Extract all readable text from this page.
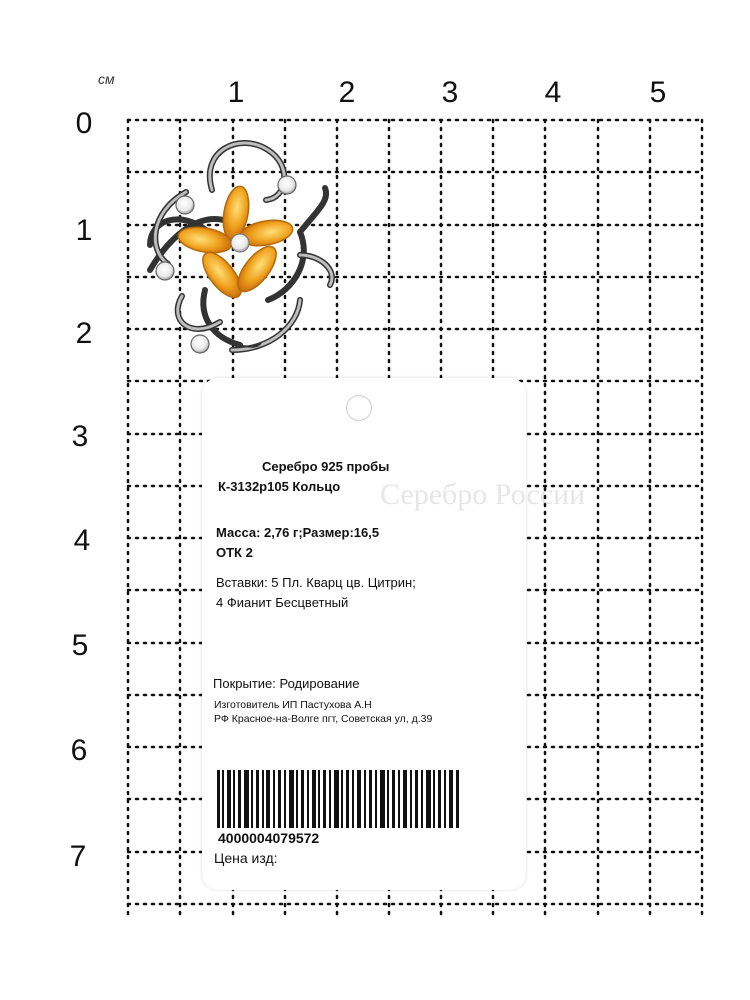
см	1	2	3	4	5
0
1
2
3
4
5
6
7
Серебро России
Серебро 925 пробы
К-3132р105 Кольцо
Масса: 2,76 г;Размер:16,5
ОТК 2
Вставки: 5 Пл. Кварц цв. Цитрин;
4 Фианит Бесцветный
Покрытие: Родирование
Изготовитель ИП Пастухова А.Н
РФ Красное-на-Волге пгт, Советская ул, д.39
4000004079572
Цена изд:
